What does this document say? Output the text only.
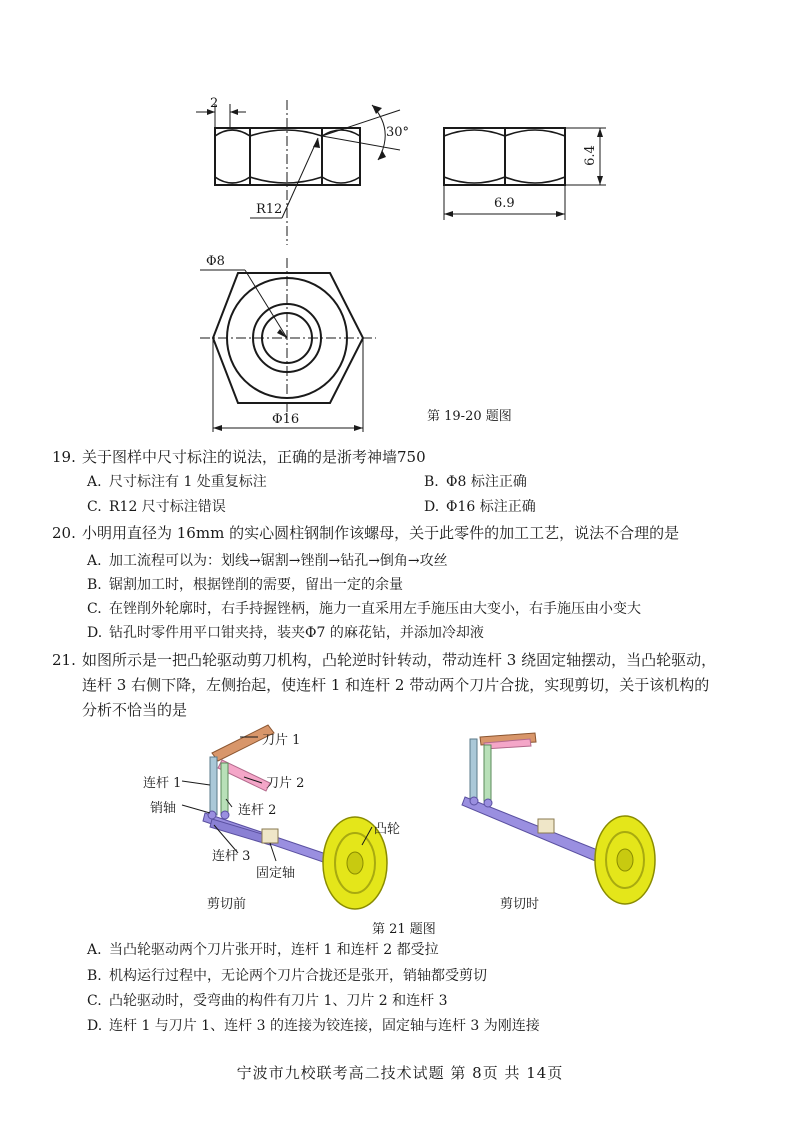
2
30°
R12
6.4
6.9
Φ8
Φ16	第 19-20 题图
19. 关于图样中尺寸标注的说法，正确的是浙考神墙750
A. 尺寸标注有 1 处重复标注	B. Φ8 标注正确
C. R12 尺寸标注错误	D. Φ16 标注正确
20. 小明用直径为 16mm 的实心圆柱钢制作该螺母，关于此零件的加工工艺，说法不合理的是
A. 加工流程可以为：划线→锯割→锉削→钻孔→倒角→攻丝
B. 锯割加工时，根据锉削的需要，留出一定的余量
C. 在锉削外轮廓时，右手持握锉柄，施力一直采用左手施压由大变小，右手施压由小变大
D. 钻孔时零件用平口钳夹持，装夹Φ7 的麻花钻，并添加冷却液
21. 如图所示是一把凸轮驱动剪刀机构，凸轮逆时针转动，带动连杆 3 绕固定轴摆动，当凸轮驱动，
连杆 3 右侧下降，左侧抬起，使连杆 1 和连杆 2 带动两个刀片合拢，实现剪切，关于该机构的
分析不恰当的是
刀片 1
刀片 2
连杆 1
销轴	连杆 2
凸轮
连杆 3
固定轴
剪切前	剪切时
第 21 题图
A. 当凸轮驱动两个刀片张开时，连杆 1 和连杆 2 都受拉
B. 机构运行过程中，无论两个刀片合拢还是张开，销轴都受剪切
C. 凸轮驱动时，受弯曲的构件有刀片 1、刀片 2 和连杆 3
D. 连杆 1 与刀片 1、连杆 3 的连接为铰连接，固定轴与连杆 3 为刚连接
宁波市九校联考高二技术试题 第 8页 共 14页
